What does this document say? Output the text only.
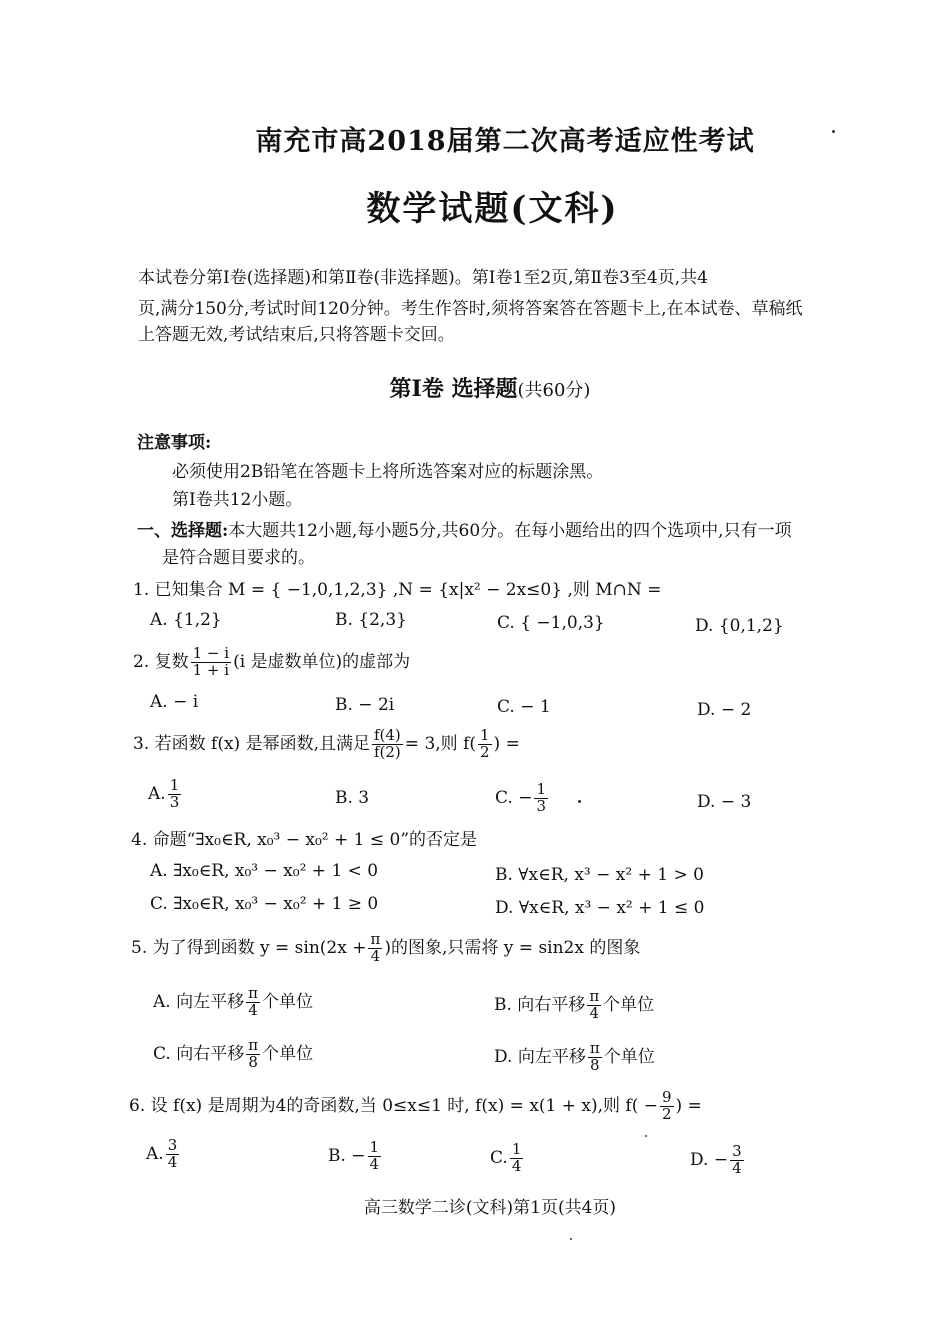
南充市高2018届第二次高考适应性考试
数学试题(文科)
本试卷分第Ⅰ卷(选择题)和第Ⅱ卷(非选择题)。第Ⅰ卷1至2页,第Ⅱ卷3至4页,共4
页,满分150分,考试时间120分钟。考生作答时,须将答案答在答题卡上,在本试卷、草稿纸
上答题无效,考试结束后,只将答题卡交回。
第Ⅰ卷 选择题(共60分)
注意事项:
必须使用2B铅笔在答题卡上将所选答案对应的标题涂黑。
第Ⅰ卷共12小题。
一、选择题:本大题共12小题,每小题5分,共60分。在每小题给出的四个选项中,只有一项
是符合题目要求的。
1. 已知集合 M = { −1,0,1,2,3} ,N = {x|x² − 2x≤0} ,则 M∩N =
A. {1,2}	B. {2,3}	C. { −1,0,3}	D. {0,1,2}
2. 复数 $\frac{1 - i}{1 + i} (i$ 是虚数单位)的虚部为
A. − i	B. − 2i	C. − 1	D. − 2
3. 若函数 f(x) 是幂函数,且满足 $\frac{f(4)}{f(2)} = 3$,则 $f( \frac{1}{2}$ ) =
A. $\frac{1}{3}$	B. 3	C. − $\frac{1}{3}$	D. − 3
4. 命题“∃x₀∈R, x₀³ − x₀² + 1 ≤ 0”的否定是
A. ∃x₀∈R, x₀³ − x₀² + 1 < 0	B. ∀x∈R, x³ − x² + 1 > 0
C. ∃x₀∈R, x₀³ − x₀² + 1 ≥ 0	D. ∀x∈R, x³ − x² + 1 ≤ 0
5. 为了得到函数 $y = \sin(2x + \frac{\pi}{4}$ )的图象,只需将 y = sin2x 的图象
A. 向左平移 $\frac{\pi}{4}$ 个单位	B. 向右平移 $\frac{\pi}{4}$ 个单位
C. 向右平移 $\frac{\pi}{8}$ 个单位	D. 向左平移 $\frac{\pi}{8}$ 个单位
6. 设 f(x) 是周期为4的奇函数,当 0≤x≤1 时, f(x) = x(1 + x),则 $f( - \frac{9}{2}$ ) =
A. $\frac{3}{4}$	B. − $\frac{1}{4}$	C. $\frac{1}{4}$	D. − $\frac{3}{4}$
高三数学二诊(文科)第1页(共4页)
